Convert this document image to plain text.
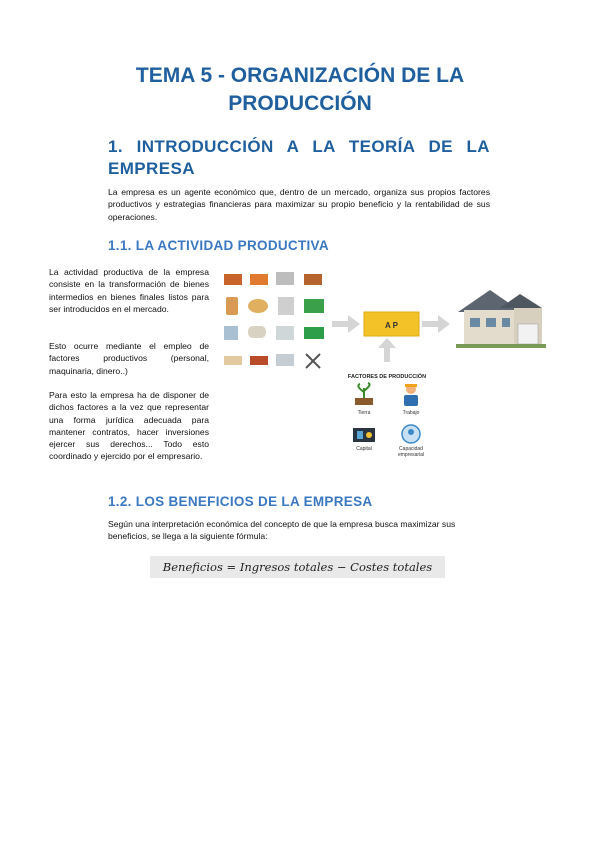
TEMA 5 - ORGANIZACIÓN DE LA
PRODUCCIÓN
1. INTRODUCCIÓN A LA TEORÍA DE LA EMPRESA

La empresa es un agente económico que, dentro de un mercado, organiza sus propios factores productivos y estrategias financieras para maximizar su propio beneficio y la rentabilidad de sus operaciones.

1.1. LA ACTIVIDAD PRODUCTIVA

La actividad productiva de la empresa consiste en la transformación de bienes intermedios en bienes finales listos para ser introducidos en el mercado.

Esto ocurre mediante el empleo de factores productivos (personal, maquinaria, dinero..)

Para esto la empresa ha de disponer de dichos factores a la vez que representar una forma jurídica adecuada para mantener contratos, hacer inversiones ejercer sus derechos... Todo esto coordinado y ejercido por el empresario.

A P
FACTORES DE PRODUCCIÓN
Tierra	Trabajo
Capital	Capacidad
empresarial
1.2. LOS BENEFICIOS DE LA EMPRESA

Según una interpretación económica del concepto de que la empresa busca maximizar sus beneficios, se llega a la siguiente fórmula:

Beneficios = Ingresos totales − Costes totales
